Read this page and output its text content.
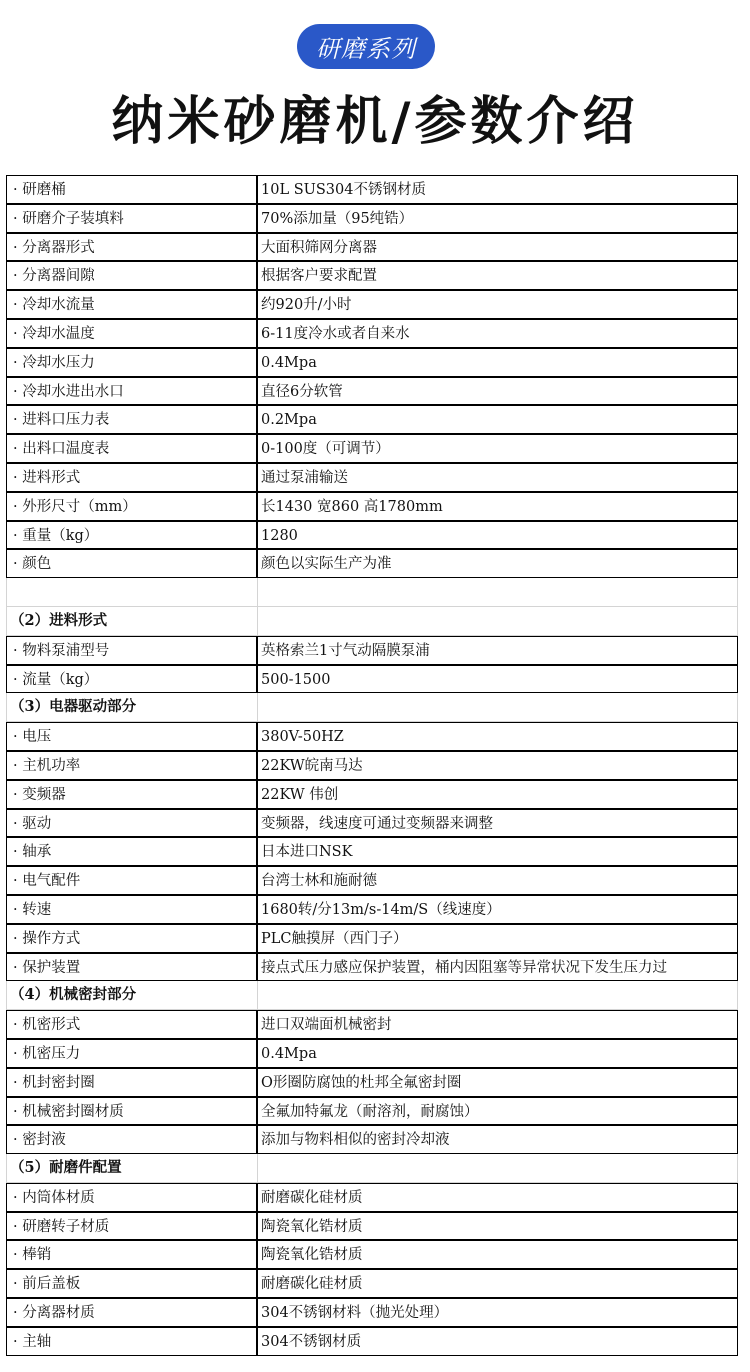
研磨系列
纳米砂磨机/参数介绍
· 研磨桶	10L SUS304不锈钢材质
· 研磨介子装填料	70%添加量（95纯锆）
· 分离器形式	大面积筛网分离器
· 分离器间隙	根据客户要求配置
· 冷却水流量	约920升/小时
· 冷却水温度	6-11度冷水或者自来水
· 冷却水压力	0.4Mpa
· 冷却水进出水口	直径6分软管
· 进料口压力表	0.2Mpa
· 出料口温度表	0-100度（可调节）
· 进料形式	通过泵浦输送
· 外形尺寸（mm）	长1430 宽860 高1780mm
· 重量（kg）	1280
· 颜色	颜色以实际生产为准
（2）进料形式
· 物料泵浦型号	英格索兰1寸气动隔膜泵浦
· 流量（kg）	500-1500
（3）电器驱动部分
· 电压	380V-50HZ
· 主机功率	22KW皖南马达
· 变频器	22KW 伟创
· 驱动	变频器，线速度可通过变频器来调整
· 轴承	日本进口NSK
· 电气配件	台湾士林和施耐德
· 转速	1680转/分13m/s-14m/S（线速度）
· 操作方式	PLC触摸屏（西门子）
· 保护装置	接点式压力感应保护装置，桶内因阻塞等异常状况下发生压力过
（4）机械密封部分
· 机密形式	进口双端面机械密封
· 机密压力	0.4Mpa
· 机封密封圈	O形圈防腐蚀的杜邦全氟密封圈
· 机械密封圈材质	全氟加特氟龙（耐溶剂，耐腐蚀）
· 密封液	添加与物料相似的密封冷却液
（5）耐磨件配置
· 内筒体材质	耐磨碳化硅材质
· 研磨转子材质	陶瓷氧化锆材质
· 棒销	陶瓷氧化锆材质
· 前后盖板	耐磨碳化硅材质
· 分离器材质	304不锈钢材料（抛光处理）
· 主轴	304不锈钢材质
